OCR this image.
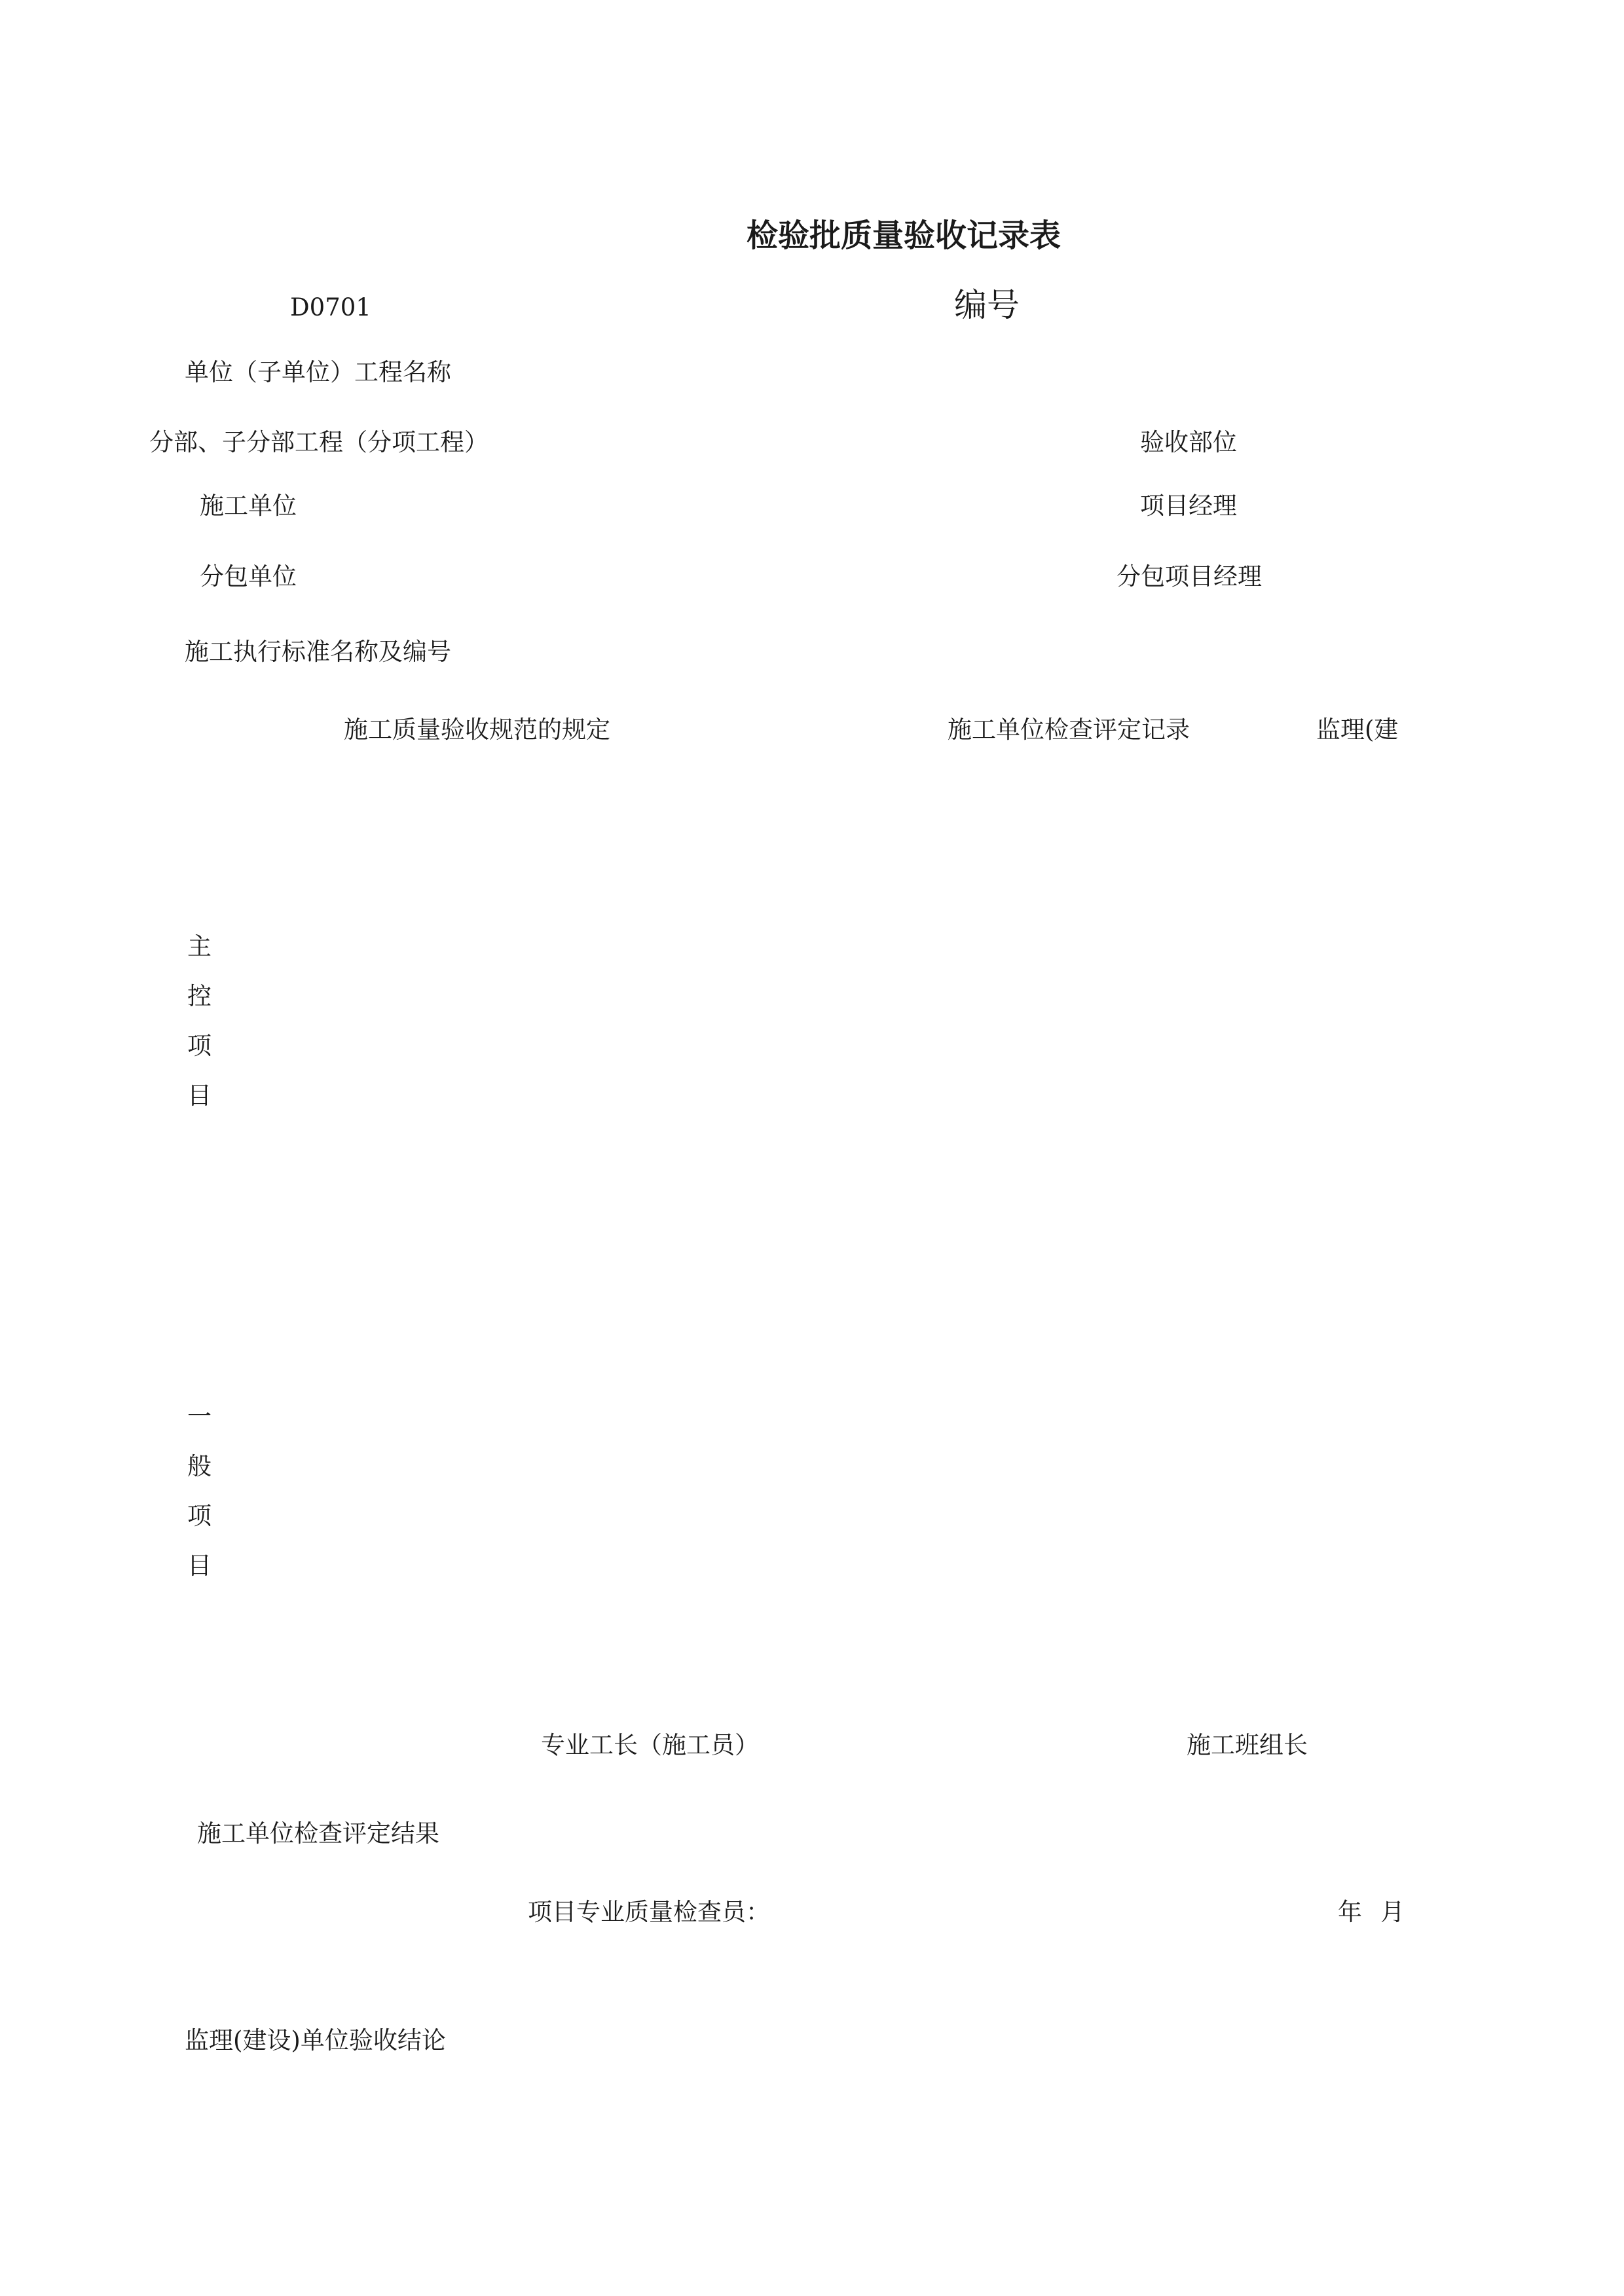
检验批质量验收记录表
D0701	编号
单位（子单位）工程名称
分部、子分部工程（分项工程）	验收部位
施工单位	项目经理
分包单位	分包项目经理
施工执行标准名称及编号
施工质量验收规范的规定	施工单位检查评定记录	监理(建
主
控
项
目
一
般
项
目
专业工长（施工员）	施工班组长
施工单位检查评定结果
项目专业质量检查员：	年 月
监理(建设)单位验收结论
